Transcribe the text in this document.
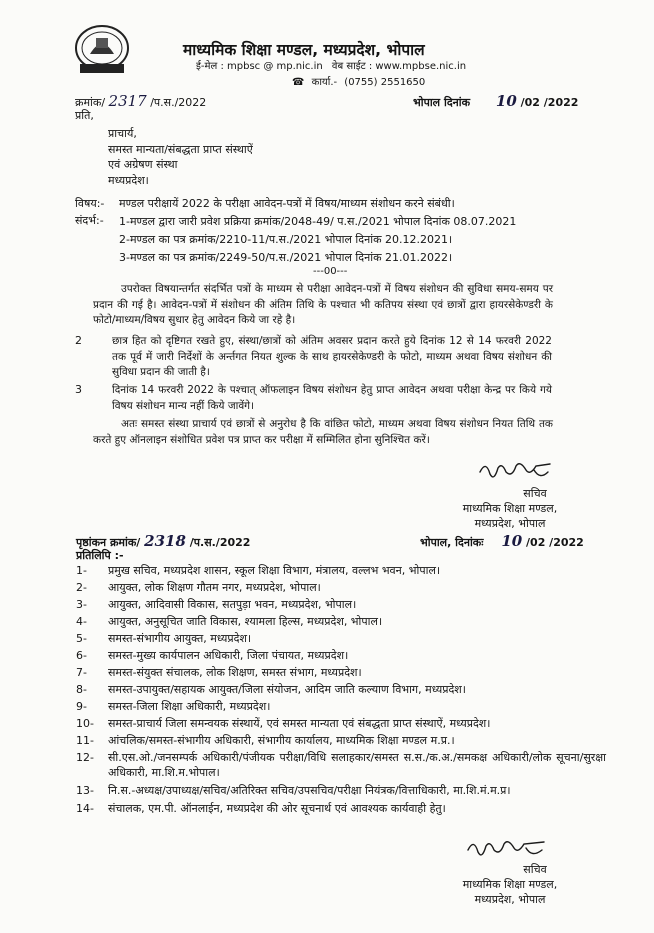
माध्यमिक शिक्षा मण्डल, मध्यप्रदेश, भोपाल
ई-मेल : mpbsc @ mp.nic.in वेब साईट : www.mpbse.nic.in
☎ कार्या.- (0755) 2551650
क्रमांक/ 2317 /प.स./2022	भोपाल दिनांक 10 /02 /2022
प्रति,
प्राचार्य,
समस्त मान्यता/संबद्धता प्राप्त संस्थाऐं
एवं अग्रेषण संस्था
मध्यप्रदेश।
विषय:- मण्डल परीक्षायें 2022 के परीक्षा आवेदन-पत्रों में विषय/माध्यम संशोधन करने संबंधी।
संदर्भ:- 1-मण्डल द्वारा जारी प्रवेश प्रक्रिया क्रमांक/2048-49/ प.स./2021 भोपाल दिनांक 08.07.2021
2-मण्डल का पत्र क्रमांक/2210-11/प.स./2021 भोपाल दिनांक 20.12.2021।
3-मण्डल का पत्र क्रमांक/2249-50/प.स./2021 भोपाल दिनांक 21.01.2022।
---00---
उपरोक्त विषयान्तर्गत संदर्भित पत्रों के माध्यम से परीक्षा आवेदन-पत्रों में विषय संशोधन की सुविधा समय-समय पर प्रदान की गई है। आवेदन-पत्रों में संशोधन की अंतिम तिथि के पश्चात भी कतिपय संस्था एवं छात्रों द्वारा हायरसेकेण्डरी के फोटो/माध्यम/विषय सुधार हेतु आवेदन किये जा रहे है।
2	छात्र हित को दृष्टिगत रखते हुए, संस्था/छात्रों को अंतिम अवसर प्रदान करते हुये दिनांक 12 से 14 फरवरी 2022 तक पूर्व में जारी निर्देशों के अर्न्तगत नियत शुल्क के साथ हायरसेकेण्डरी के फोटो, माध्यम अथवा विषय संशोधन की सुविधा प्रदान की जाती है।
3	दिनांक 14 फरवरी 2022 के पश्चात् ऑफलाइन विषय संशोधन हेतु प्राप्त आवेदन अथवा परीक्षा केन्द्र पर किये गये विषय संशोधन मान्य नहीं किये जावेंगे।
अतः समस्त संस्था प्राचार्य एवं छात्रों से अनुरोध है कि वांछित फोटो, माध्यम अथवा विषय संशोधन नियत तिथि तक करते हुए ऑनलाइन संशोधित प्रवेश पत्र प्राप्त कर परीक्षा में सम्मिलित होना सुनिश्चित करें।
सचिव
माध्यमिक शिक्षा मण्डल,
मध्यप्रदेश, भोपाल
पृष्ठांकन क्रमांक/ 2318 /प.स./2022	भोपाल, दिनांकः 10 /02 /2022
प्रतिलिपि :-
1-	प्रमुख सचिव, मध्यप्रदेश शासन, स्कूल शिक्षा विभाग, मंत्रालय, वल्लभ भवन, भोपाल।
2-	आयुक्त, लोक शिक्षण गौतम नगर, मध्यप्रदेश, भोपाल।
3-	आयुक्त, आदिवासी विकास, सतपुड़ा भवन, मध्यप्रदेश, भोपाल।
4-	आयुक्त, अनुसूचित जाति विकास, श्यामला हिल्स, मध्यप्रदेश, भोपाल।
5-	समस्त-संभागीय आयुक्त, मध्यप्रदेश।
6-	समस्त-मुख्य कार्यपालन अधिकारी, जिला पंचायत, मध्यप्रदेश।
7-	समस्त-संयुक्त संचालक, लोक शिक्षण, समस्त संभाग, मध्यप्रदेश।
8-	समस्त-उपायुक्त/सहायक आयुक्त/जिला संयोजन, आदिम जाति कल्याण विभाग, मध्यप्रदेश।
9-	समस्त-जिला शिक्षा अधिकारी, मध्यप्रदेश।
10-	समस्त-प्राचार्य जिला समन्वयक संस्थायें, एवं समस्त मान्यता एवं संबद्धता प्राप्त संस्थाऐं, मध्यप्रदेश।
11-	आंचलिक/समस्त-संभागीय अधिकारी, संभागीय कार्यालय, माध्यमिक शिक्षा मण्डल म.प्र.।
12-	सी.एस.ओ./जनसम्पर्क अधिकारी/पंजीयक परीक्षा/विधि सलाहकार/समस्त स.स./क.अ./समकक्ष अधिकारी/लोक सूचना/सुरक्षा अधिकारी, मा.शि.म.भोपाल।
13-	नि.स.-अध्यक्ष/उपाध्यक्ष/सचिव/अतिरिक्त सचिव/उपसचिव/परीक्षा नियंत्रक/वित्ताधिकारी, मा.शि.मं.म.प्र।
14-	संचालक, एम.पी. ऑनलाईन, मध्यप्रदेश की ओर सूचनार्थ एवं आवश्यक कार्यवाही हेतु।
सचिव
माध्यमिक शिक्षा मण्डल,
मध्यप्रदेश, भोपाल
